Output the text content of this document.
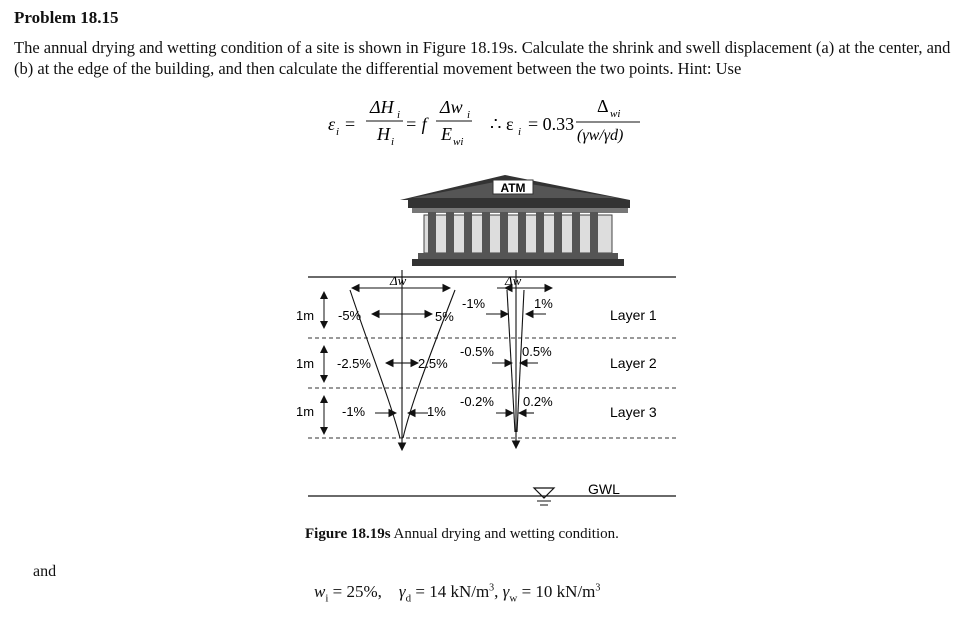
Problem 18.15
The annual drying and wetting condition of a site is shown in Figure 18.19s. Calculate the shrink and swell displacement (a) at the center, and (b) at the edge of the building, and then calculate the differential movement between the two points. Hint: Use
ε i =
ΔH i
H i
= f
Δw i
E wi
∴ ε i = 0.33
Δ wi
(γw/γd)
ATM
1m
1m
1m
Δw	Δw
-5%
-2.5%
-1%
5%
2.5%
1%
-1%
-0.5%
-0.2%
1%
0.5%
0.2%
Layer 1
Layer 2
Layer 3
GWL
Figure 18.19s Annual drying and wetting condition.
and
$w_i = 25\%$, $\gamma_d = 14$ $kN/m^3$, $\gamma_w = 10$ $kN/m^3$
